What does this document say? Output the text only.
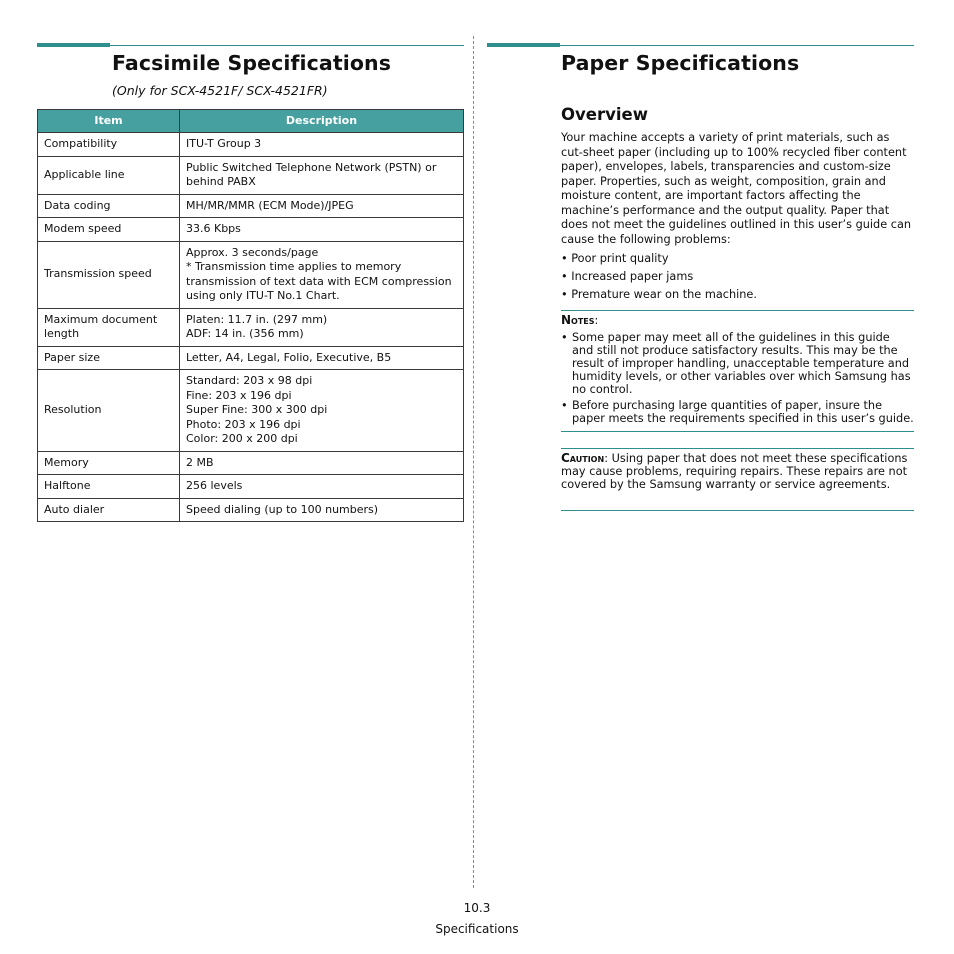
Facsimile Specifications
(Only for SCX-4521F/ SCX-4521FR)
Item	Description
Compatibility	ITU-T Group 3
Applicable line	Public Switched Telephone Network (PSTN) or
behind PABX
Data coding	MH/MR/MMR (ECM Mode)/JPEG
Modem speed	33.6 Kbps
Transmission speed	Approx. 3 seconds/page
* Transmission time applies to memory
transmission of text data with ECM compression
using only ITU-T No.1 Chart.
Maximum document
length	Platen: 11.7 in. (297 mm)
ADF: 14 in. (356 mm)
Paper size	Letter, A4, Legal, Folio, Executive, B5
Resolution	Standard: 203 x 98 dpi
Fine: 203 x 196 dpi
Super Fine: 300 x 300 dpi
Photo: 203 x 196 dpi
Color: 200 x 200 dpi
Memory	2 MB
Halftone	256 levels
Auto dialer	Speed dialing (up to 100 numbers)
Paper Specifications
Overview

Your machine accepts a variety of print materials, such as cut-sheet paper (including up to 100% recycled fiber content paper), envelopes, labels, transparencies and custom-size paper. Properties, such as weight, composition, grain and moisture content, are important factors affecting the machine’s performance and the output quality. Paper that does not meet the guidelines outlined in this user’s guide can cause the following problems:

• Poor print quality
• Increased paper jams
• Premature wear on the machine.
Notes:
• Some paper may meet all of the guidelines in this guide and still not produce satisfactory results. This may be the result of improper handling, unacceptable temperature and humidity levels, or other variables over which Samsung has no control.
• Before purchasing large quantities of paper, insure the paper meets the requirements specified in this user’s guide.

Caution: Using paper that does not meet these specifications may cause problems, requiring repairs. These repairs are not covered by the Samsung warranty or service agreements.

10.3
Specifications
